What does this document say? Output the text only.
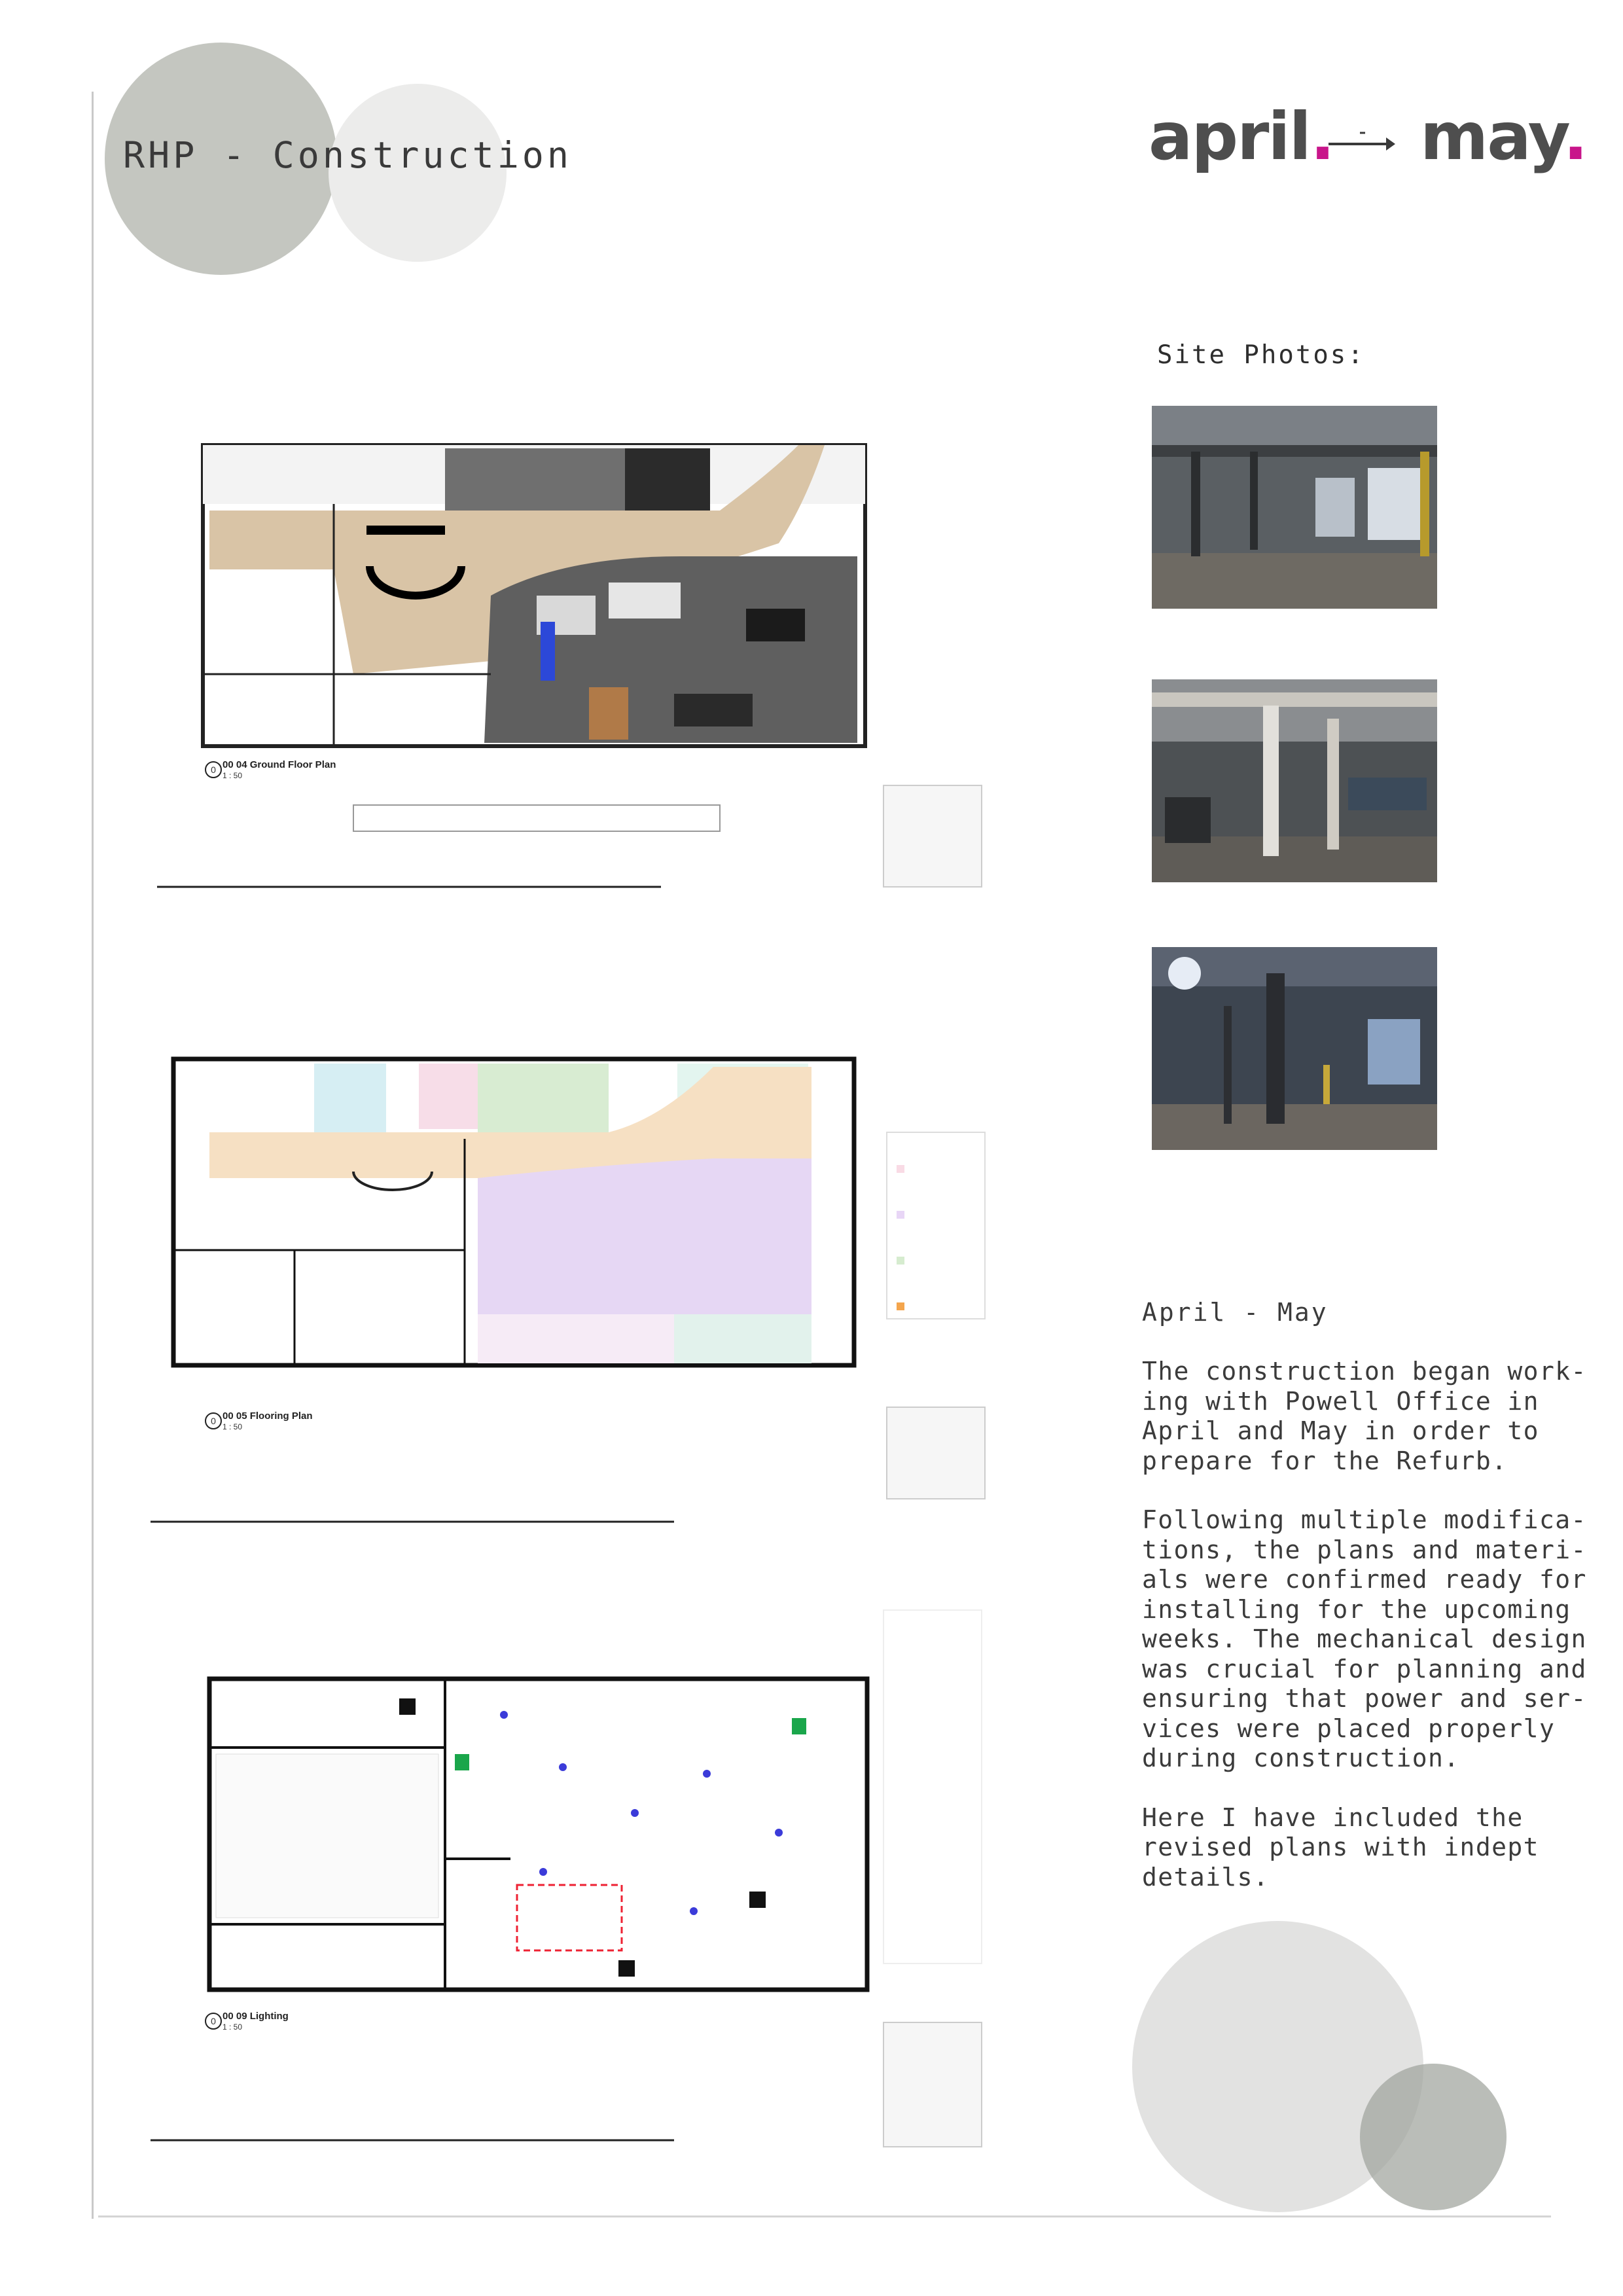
RHP - Construction	april. may.
Site Photos:
0 00 04 Ground Floor Plan
1 : 50
0 00 05 Flooring Plan
1 : 50
0 00 09 Lighting
1 : 50
April - May

The construction began work-ing with Powell Office in April and May in order to prepare for the Refurb.

Following multiple modifica-tions, the plans and materi-als were confirmed ready for installing for the upcoming weeks. The mechanical design was crucial for planning and ensuring that power and ser-vices were placed properly during construction.

Here I have included the revised plans with indept details.
